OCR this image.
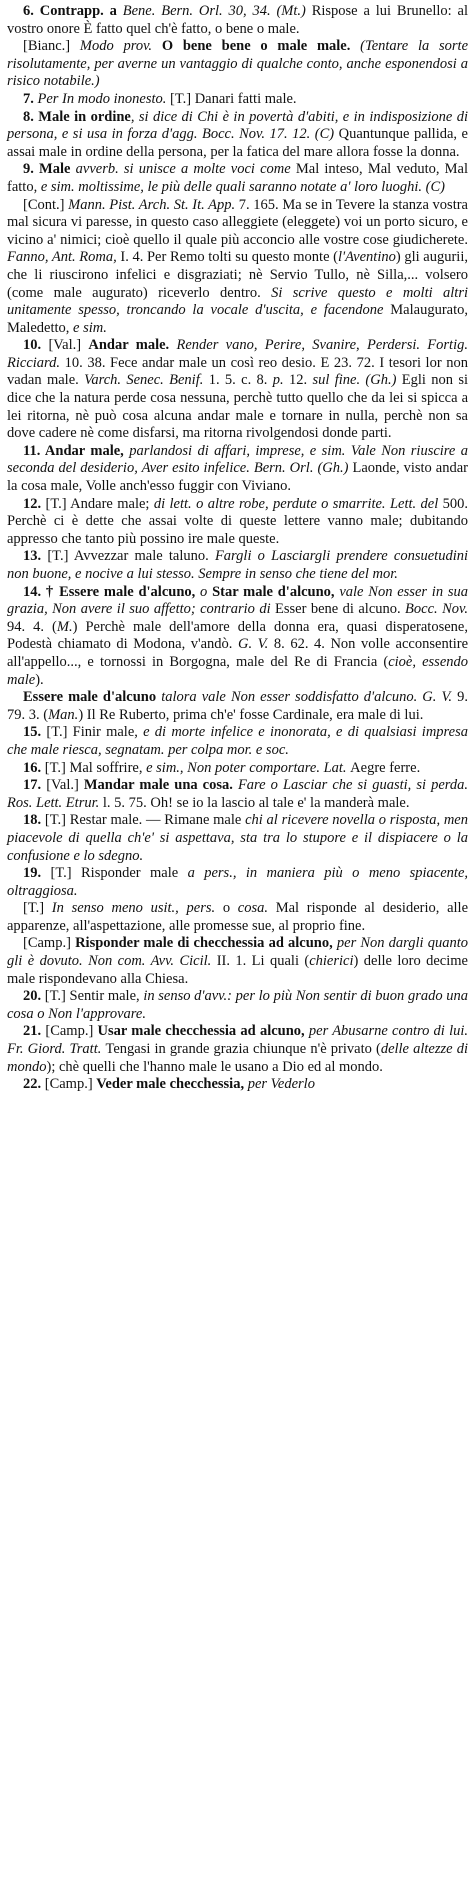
6. Contrapp. a Bene. Bern. Orl. 30, 34. (Mt.) Rispose a lui Brunello: al vostro onore È fatto quel ch'è fatto, o bene o male.

[Bianc.] Modo prov. O bene bene o male male. (Tentare la sorte risolutamente, per averne un vantaggio di qualche conto, anche esponendosi a risico notabile.)

7. Per In modo inonesto. [T.] Danari fatti male.

8. Male in ordine, si dice di Chi è in povertà d'abiti, e in indisposizione di persona, e si usa in forza d'agg. Bocc. Nov. 17. 12. (C) Quantunque pallida, e assai male in ordine della persona, per la fatica del mare allora fosse la donna.

9. Male avverb. si unisce a molte voci come Mal inteso, Mal veduto, Mal fatto, e sim. moltissime, le più delle quali saranno notate a' loro luoghi. (C)

[Cont.] Mann. Pist. Arch. St. It. App. 7. 165. Ma se in Tevere la stanza vostra mal sicura vi paresse, in questo caso alleggiete (eleggete) voi un porto sicuro, e vicino a' nimici; cioè quello il quale più acconcio alle vostre cose giudicherete. Fanno, Ant. Roma, I. 4. Per Remo tolti su questo monte (l'Aventino) gli augurii, che li riuscirono infelici e disgraziati; nè Servio Tullo, nè Silla,... volsero (come male augurato) riceverlo dentro. Si scrive questo e molti altri unitamente spesso, troncando la vocale d'uscita, e facendone Malaugurato, Maledetto, e sim.

10. [Val.] Andar male. Render vano, Perire, Svanire, Perdersi. Fortig. Ricciard. 10. 38. Fece andar male un così reo desio. E 23. 72. I tesori lor non vadan male. Varch. Senec. Benif. 1. 5. c. 8. p. 12. sul fine. (Gh.) Egli non si dice che la natura perde cosa nessuna, perchè tutto quello che da lei si spicca a lei ritorna, nè può cosa alcuna andar male e tornare in nulla, perchè non sa dove cadere nè come disfarsi, ma ritorna rivolgendosi donde parti.

11. Andar male, parlandosi di affari, imprese, e sim. Vale Non riuscire a seconda del desiderio, Aver esito infelice. Bern. Orl. (Gh.) Laonde, visto andar la cosa male, Volle anch'esso fuggir con Viviano.

12. [T.] Andare male; di lett. o altre robe, perdute o smarrite. Lett. del 500. Perchè ci è dette che assai volte di queste lettere vanno male; dubitando appresso che tanto più possino ire male queste.

13. [T.] Avvezzar male taluno. Fargli o Lasciargli prendere consuetudini non buone, e nocive a lui stesso. Sempre in senso che tiene del mor.

14. † Essere male d'alcuno, o Star male d'alcuno, vale Non esser in sua grazia, Non avere il suo affetto; contrario di Esser bene di alcuno. Bocc. Nov. 94. 4. (M.) Perchè male dell'amore della donna era, quasi disperatosene, Podestà chiamato di Modona, v'andò. G. V. 8. 62. 4. Non volle acconsentire all'appello..., e tornossi in Borgogna, male del Re di Francia (cioè, essendo male).

Essere male d'alcuno talora vale Non esser soddisfatto d'alcuno. G. V. 9. 79. 3. (Man.) Il Re Ruberto, prima ch'e' fosse Cardinale, era male di lui.

15. [T.] Finir male, e di morte infelice e inonorata, e di qualsiasi impresa che male riesca, segnatam. per colpa mor. e soc.

16. [T.] Mal soffrire, e sim., Non poter comportare. Lat. Aegre ferre.

17. [Val.] Mandar male una cosa. Fare o Lasciar che si guasti, si perda. Ros. Lett. Etrur. l. 5. 75. Oh! se io la lascio al tale e' la manderà male.

18. [T.] Restar male. — Rimane male chi al ricevere novella o risposta, men piacevole di quella ch'e' si aspettava, sta tra lo stupore e il dispiacere o la confusione e lo sdegno.

19. [T.] Risponder male a pers., in maniera più o meno spiacente, oltraggiosa.

[T.] In senso meno usit., pers. o cosa. Mal risponde al desiderio, alle apparenze, all'aspettazione, alle promesse sue, al proprio fine.

[Camp.] Risponder male di checchessia ad alcuno, per Non dargli quanto gli è dovuto. Non com. Avv. Cicil. II. 1. Li quali (chierici) delle loro decime male rispondevano alla Chiesa.

20. [T.] Sentir male, in senso d'avv.: per lo più Non sentir di buon grado una cosa o Non l'approvare.

21. [Camp.] Usar male checchessia ad alcuno, per Abusarne contro di lui. Fr. Giord. Tratt. Tengasi in grande grazia chiunque n'è privato (delle altezze di mondo); chè quelli che l'hanno male le usano a Dio ed al mondo.

22. [Camp.] Veder male checchessia, per Vederlo
